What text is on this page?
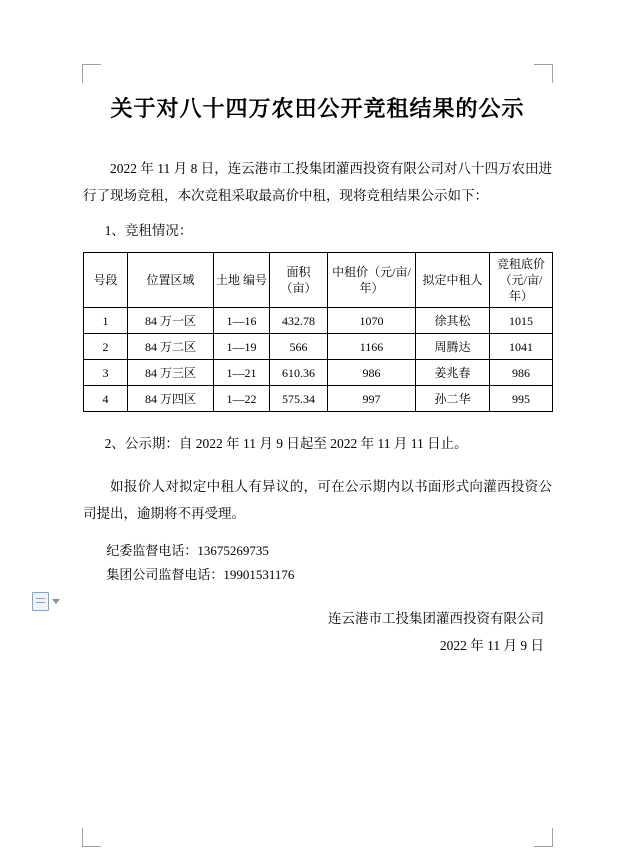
关于对八十四万农田公开竞租结果的公示

2022 年 11 月 8 日，连云港市工投集团灌西投资有限公司对八十四万农田进行了现场竞租，本次竞租采取最高价中租，现将竞租结果公示如下：

1、竞租情况：

号段	位置区域	土地 编号	面积（亩）	中租价（元/亩/年）	拟定中租人	竞租底价（元/亩/年）
1	84 万一区	1—16	432.78	1070	徐其松	1015
2	84 万二区	1—19	566	1166	周腾达	1041
3	84 万三区	1—21	610.36	986	姜兆春	986
4	84 万四区	1—22	575.34	997	孙二华	995

2、公示期：自 2022 年 11 月 9 日起至 2022 年 11 月 11 日止。

如报价人对拟定中租人有异议的，可在公示期内以书面形式向灌西投资公司提出，逾期将不再受理。

纪委监督电话：13675269735

集团公司监督电话：19901531176

连云港市工投集团灌西投资有限公司

2022 年 11 月 9 日
